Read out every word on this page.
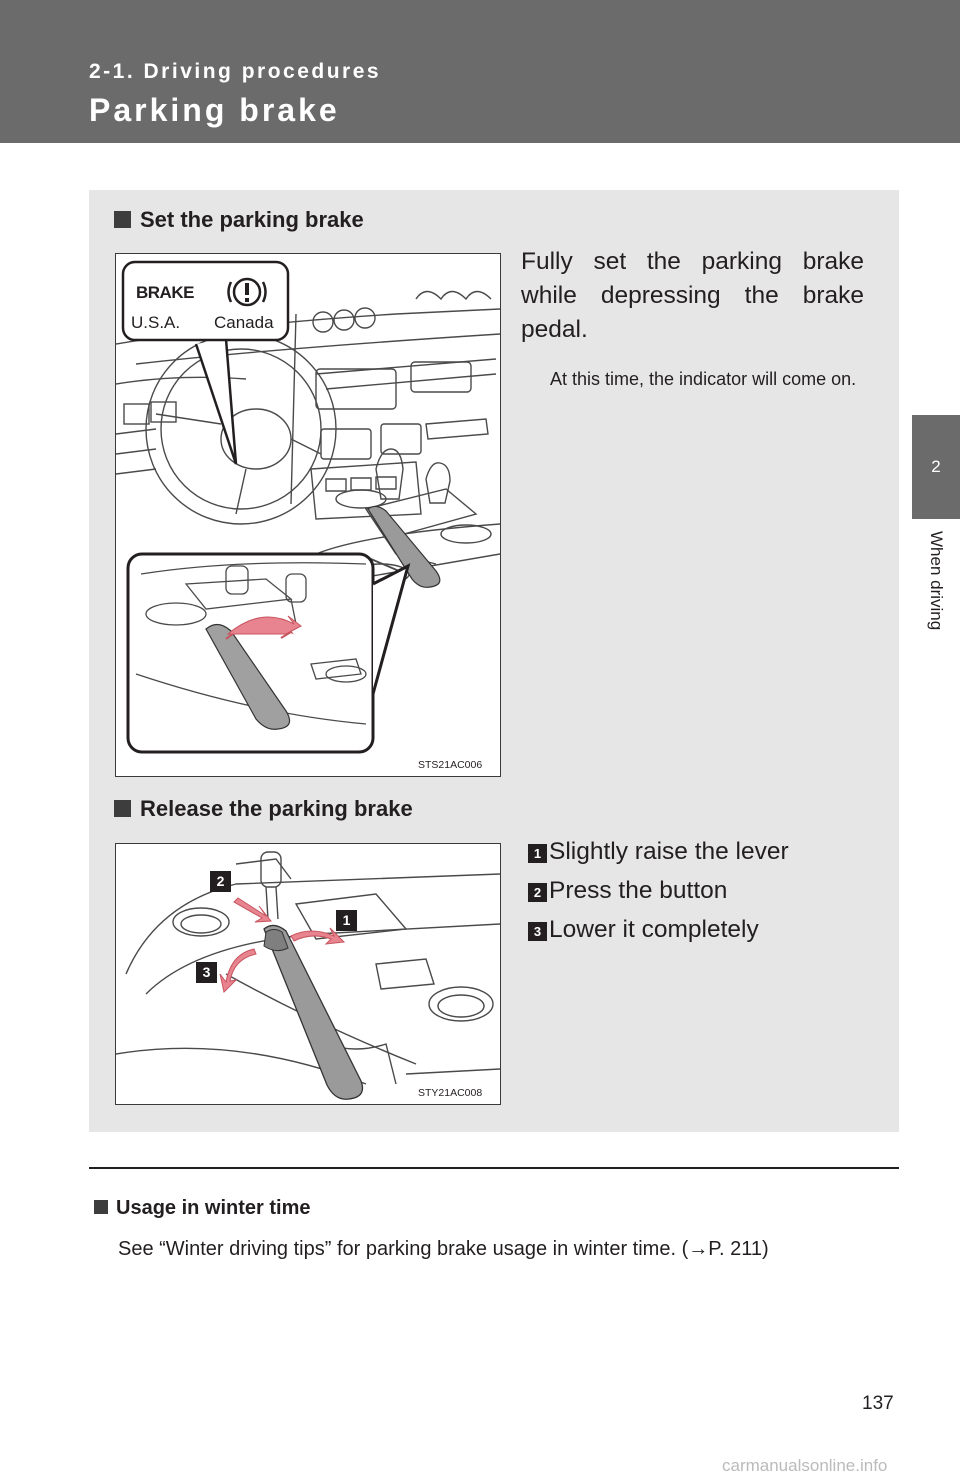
2-1. Driving procedures
Parking brake
2
When driving
Set the parking brake
BRAKE
U.S.A. Canada
STS21AC006
Fully set the parking brake while depressing the brake pedal.
At this time, the indicator will come on.
Release the parking brake
2
1
3
STY21AC008
1 Slightly raise the lever
2 Press the button
3 Lower it completely
Usage in winter time
See “Winter driving tips” for parking brake usage in winter time. (→P. 211)
137
carmanualsonline.info
